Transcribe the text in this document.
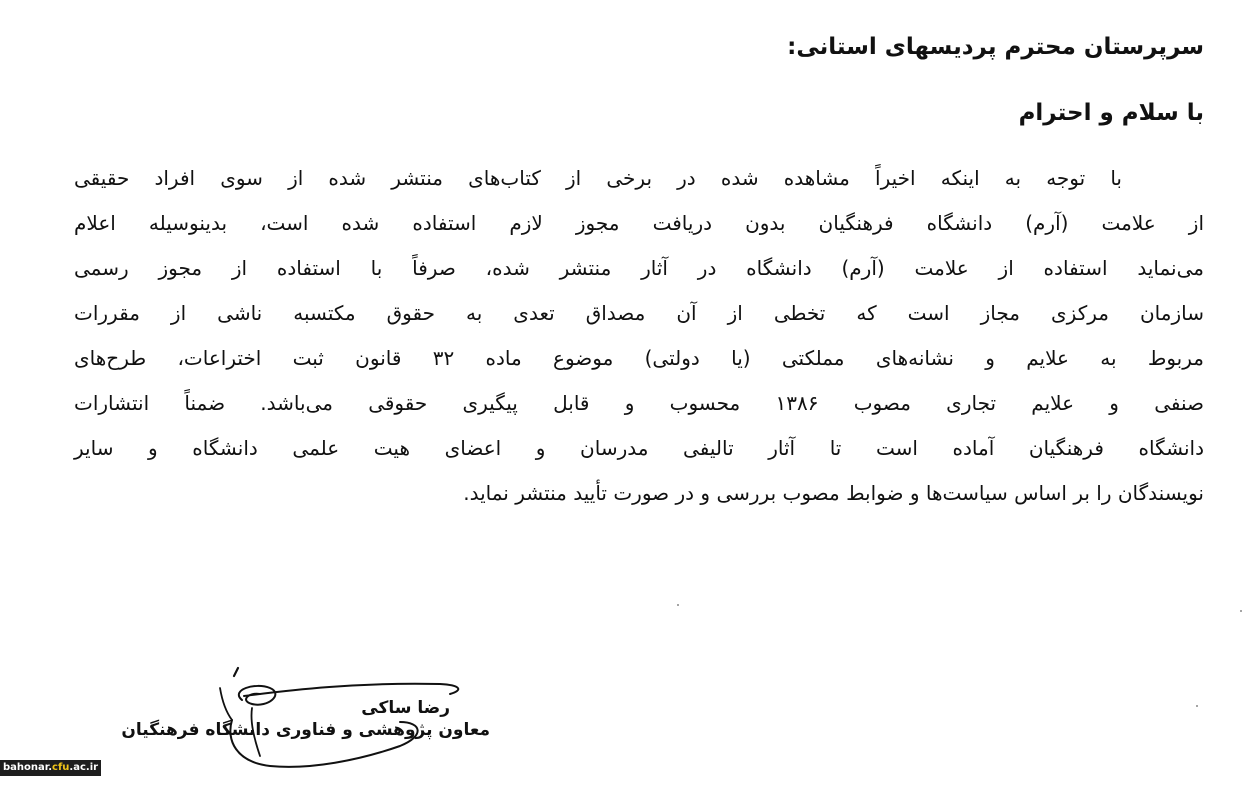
سرپرستان محترم پردیسهای استانی:

با سلام و احترام

با توجه به اینکه اخیراً مشاهده شده در برخی از کتاب‌های منتشر شده از سوی افراد حقیقی
از علامت (آرم) دانشگاه فرهنگیان بدون دریافت مجوز لازم استفاده شده است، بدینوسیله اعلام
می‌نماید استفاده از علامت (آرم) دانشگاه در آثار منتشر شده، صرفاً با استفاده از مجوز رسمی
سازمان مرکزی مجاز است که تخطی از آن مصداق تعدی به حقوق مکتسبه ناشی از مقررات
مربوط به علایم و نشانه‌های مملکتی (یا دولتی) موضوع ماده ۳۲ قانون ثبت اختراعات، طرح‌های
صنفی و علایم تجاری مصوب ۱۳۸۶ محسوب و قابل پیگیری حقوقی می‌باشد. ضمناً انتشارات
دانشگاه فرهنگیان آماده است تا آثار تالیفی مدرسان و اعضای هیت علمی دانشگاه و سایر
نویسندگان را بر اساس سیاست‌ها و ضوابط مصوب بررسی و در صورت تأیید منتشر نماید.
رضا ساکی
معاون پژوهشی و فناوری دانشگاه فرهنگیان
bahonar.cfu.ac.ir
